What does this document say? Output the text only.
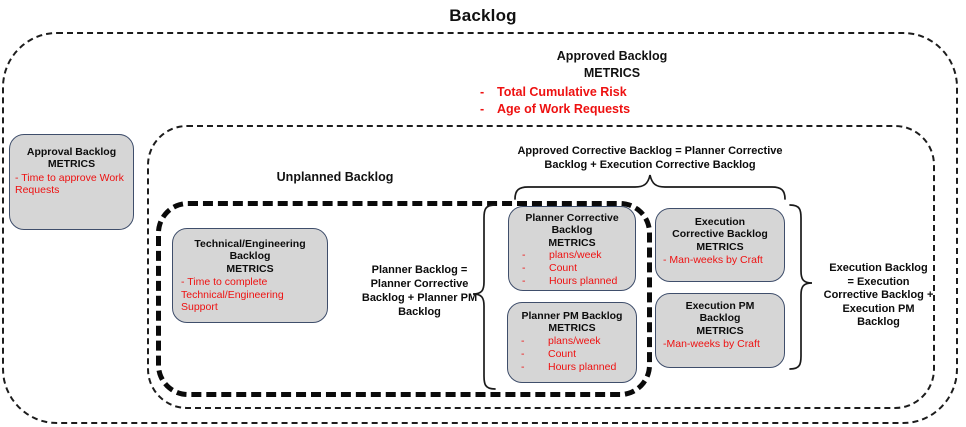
Backlog
Approved Backlog
METRICS
-	Total Cumulative Risk
-	Age of Work Requests
Approval Backlog
METRICS
- Time to approve Work Requests
Unplanned Backlog
Technical/Engineering
Backlog
METRICS
- Time to complete Technical/Engineering Support
Approved Corrective Backlog = Planner Corrective
Backlog + Execution Corrective Backlog
Planner Backlog =
Planner Corrective
Backlog + Planner PM
Backlog
Execution Backlog
= Execution
Corrective Backlog +
Execution PM
Backlog
Planner Corrective
Backlog
METRICS
-	plans/week
-	Count
-	Hours planned
Planner PM Backlog
METRICS
-	plans/week
-	Count
-	Hours planned
Execution
Corrective Backlog
METRICS
- Man-weeks by Craft
Execution PM
Backlog
METRICS
-Man-weeks by Craft
